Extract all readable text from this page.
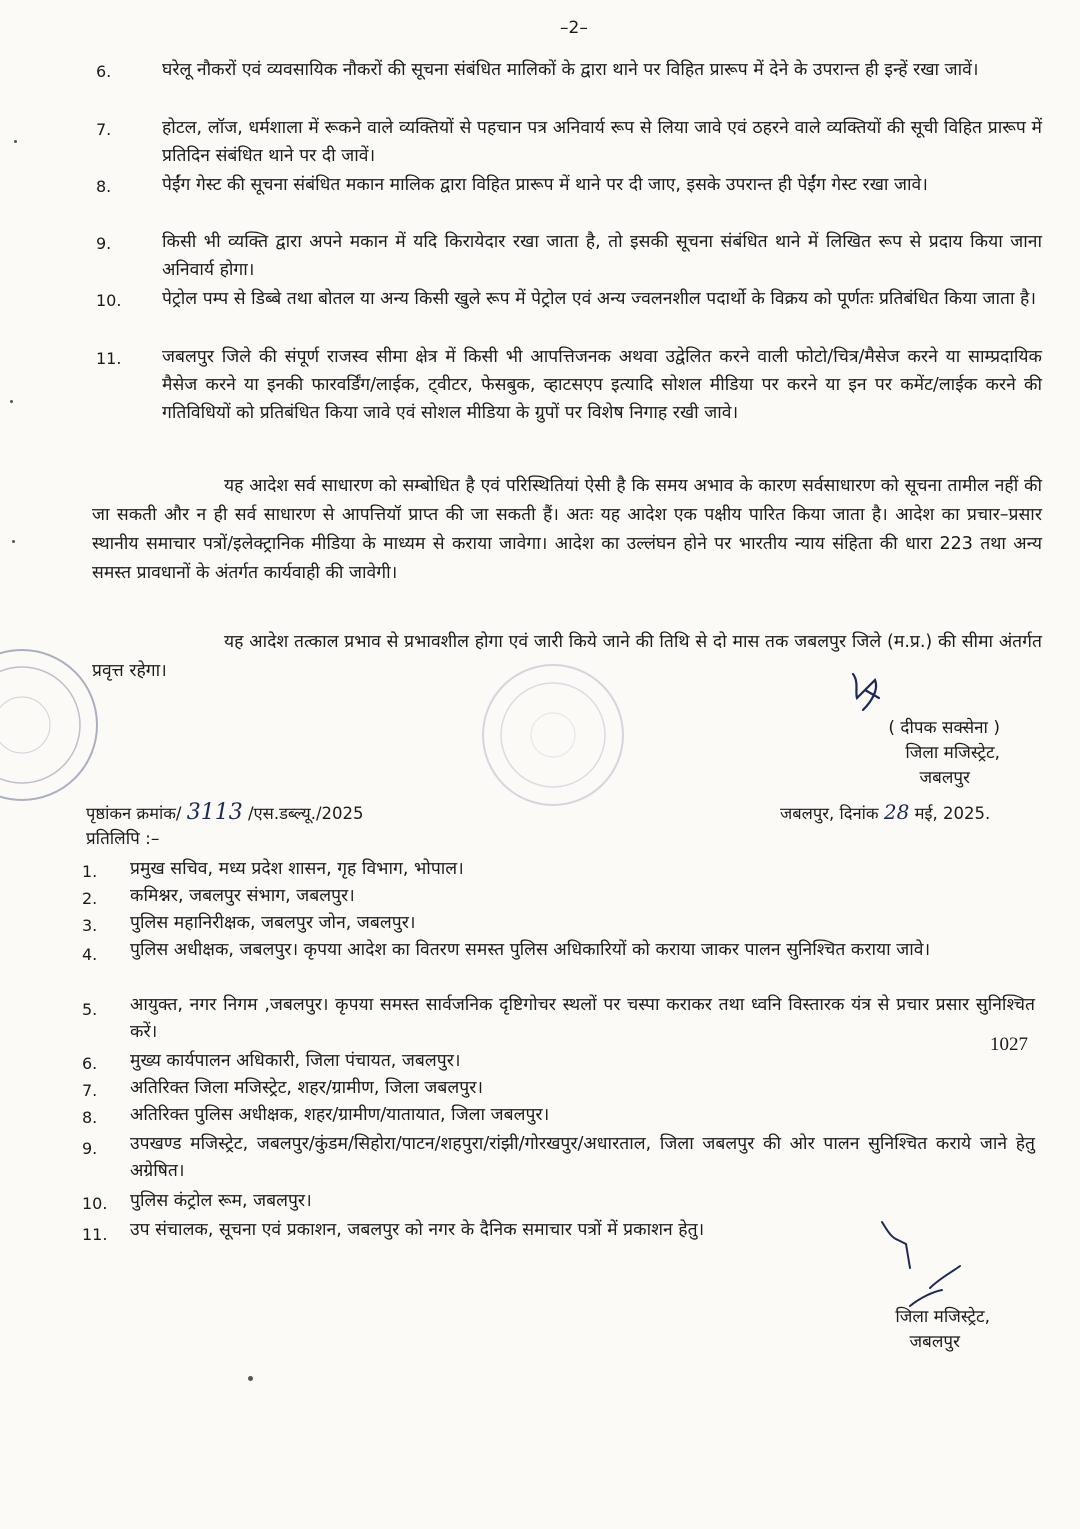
–2–
6.	घरेलू नौकरों एवं व्यवसायिक नौकरों की सूचना संबंधित मालिकों के द्वारा थाने पर विहित प्रारूप में देने के उपरान्त ही इन्हें रखा जावें।
7.	होटल, लॉज, धर्मशाला में रूकने वाले व्यक्तियों से पहचान पत्र अनिवार्य रूप से लिया जावे एवं ठहरने वाले व्यक्तियों की सूची विहित प्रारूप में प्रतिदिन संबंधित थाने पर दी जावें।
8.	पेईंग गेस्ट की सूचना संबंधित मकान मालिक द्वारा विहित प्रारूप में थाने पर दी जाए, इसके उपरान्त ही पेईंग गेस्ट रखा जावे।
9.	किसी भी व्यक्ति द्वारा अपने मकान में यदि किरायेदार रखा जाता है, तो इसकी सूचना संबंधित थाने में लिखित रूप से प्रदाय किया जाना अनिवार्य होगा।
10. पेट्रोल पम्प से डिब्बे तथा बोतल या अन्य किसी खुले रूप में पेट्रोल एवं अन्य ज्वलनशील पदार्थो के विक्रय को पूर्णतः प्रतिबंधित किया जाता है।
11. जबलपुर जिले की संपूर्ण राजस्व सीमा क्षेत्र में किसी भी आपत्तिजनक अथवा उद्वेलित करने वाली फोटो/चित्र/मैसेज करने या साम्प्रदायिक मैसेज करने या इनकी फारवर्डिंग/लाईक, ट्वीटर, फेसबुक, व्हाटसएप इत्यादि सोशल मीडिया पर करने या इन पर कमेंट/लाईक करने की गतिविधियों को प्रतिबंधित किया जावे एवं सोशल मीडिया के ग्रुपों पर विशेष निगाह रखी जावे।
यह आदेश सर्व साधारण को सम्बोधित है एवं परिस्थितियां ऐसी है कि समय अभाव के कारण सर्वसाधारण को सूचना तामील नहीं की जा सकती और न ही सर्व साधारण से आपत्तियॉ प्राप्त की जा सकती हैं। अतः यह आदेश एक पक्षीय पारित किया जाता है। आदेश का प्रचार–प्रसार स्थानीय समाचार पत्रों/इलेक्ट्रानिक मीडिया के माध्यम से कराया जावेगा। आदेश का उल्लंघन होने पर भारतीय न्याय संहिता की धारा 223 तथा अन्य समस्त प्रावधानों के अंतर्गत कार्यवाही की जावेगी।
यह आदेश तत्काल प्रभाव से प्रभावशील होगा एवं जारी किये जाने की तिथि से दो मास तक जबलपुर जिले (म.प्र.) की सीमा अंतर्गत प्रवृत्त रहेगा।
( दीपक सक्सेना )
जिला मजिस्ट्रेट,
जबलपुर
पृष्ठांकन क्रमांक/ 3113 /एस.डब्ल्यू./2025	जबलपुर, दिनांक 28 मई, 2025.
प्रतिलिपि :–
1. प्रमुख सचिव, मध्य प्रदेश शासन, गृह विभाग, भोपाल।
2. कमिश्नर, जबलपुर संभाग, जबलपुर।
3. पुलिस महानिरीक्षक, जबलपुर जोन, जबलपुर।
4. पुलिस अधीक्षक, जबलपुर। कृपया आदेश का वितरण समस्त पुलिस अधिकारियों को कराया जाकर पालन सुनिश्चित कराया जावे।
5. आयुक्त, नगर निगम ,जबलपुर। कृपया समस्त सार्वजनिक दृष्टिगोचर स्थलों पर चस्पा कराकर तथा ध्वनि विस्तारक यंत्र से प्रचार प्रसार सुनिश्चित करें।
6. मुख्य कार्यपालन अधिकारी, जिला पंचायत, जबलपुर।
7. अतिरिक्त जिला मजिस्ट्रेट, शहर/ग्रामीण, जिला जबलपुर।
8. अतिरिक्त पुलिस अधीक्षक, शहर/ग्रामीण/यातायात, जिला जबलपुर।
9. उपखण्ड मजिस्ट्रेट, जबलपुर/कुंडम/सिहोरा/पाटन/शहपुरा/रांझी/गोरखपुर/अधारताल, जिला जबलपुर की ओर पालन सुनिश्चित कराये जाने हेतु अग्रेषित।
10. पुलिस कंट्रोल रूम, जबलपुर।
11. उप संचालक, सूचना एवं प्रकाशन, जबलपुर को नगर के दैनिक समाचार पत्रों में प्रकाशन हेतु।
जिला मजिस्ट्रेट,
जबलपुर
1027
